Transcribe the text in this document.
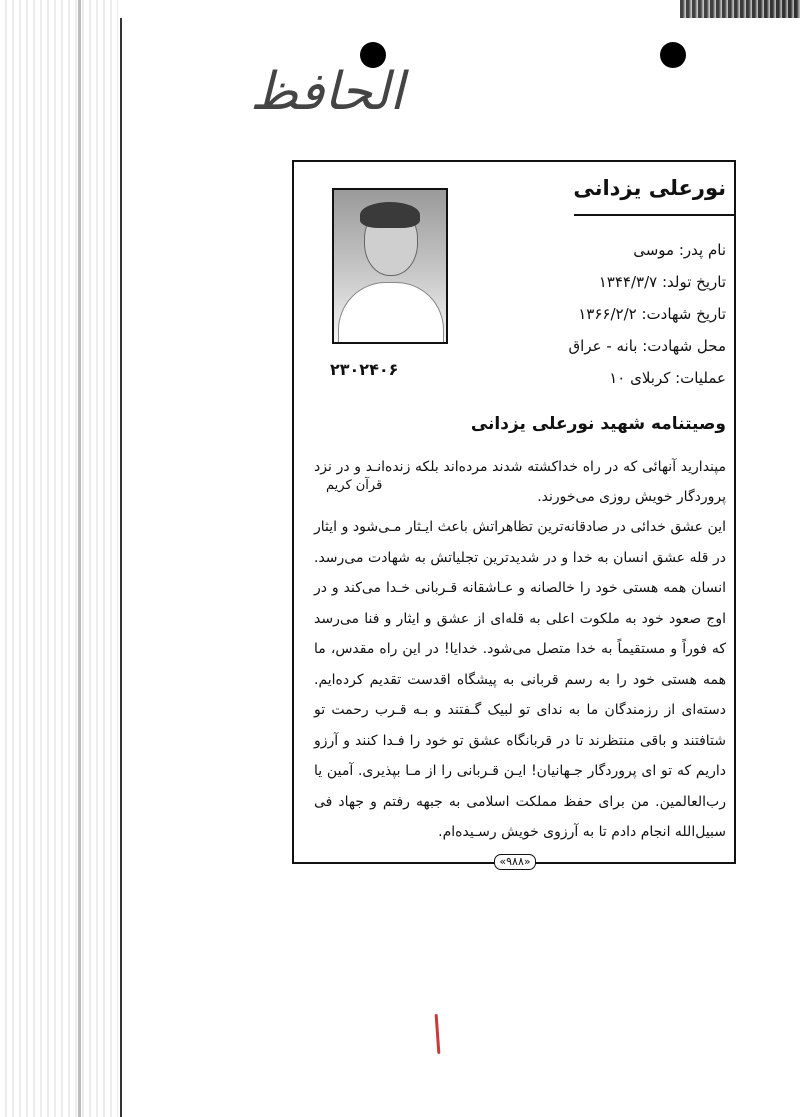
الحافظ
نورعلی یزدانی
۲۳۰۲۴۰۶
نام پدر: موسی
تاریخ تولد: ۱۳۴۴/۳/۷
تاریخ شهادت: ۱۳۶۶/۲/۲
محل شهادت: بانه - عراق
عملیات: کربلای ۱۰
وصیتنامه شهید نورعلی یزدانی
مپندارید آنهائی که در راه خداکشته شدند مرده‌اند بلکه زنده‌انـد و در نزد پروردگار خویش روزی می‌خورند.
قرآن کریم
این عشق خدائی در صادقانه‌ترین تظاهراتش باعث ایـثار مـی‌شود و ایثار در قله عشق انسان به خدا و در شدیدترین تجلیاتش به شهادت می‌رسد. انسان همه هستی خود را خالصانه و عـاشقانه قـربانی خـدا می‌کند و در اوج صعود خود به ملکوت اعلی به قله‌ای از عشق و ایثار و فنا می‌رسد که فوراً و مستقیماً به خدا متصل می‌شود. خدایا! در این راه مقدس، ما همه هستی خود را به رسم قربانی به پیشگاه اقدست تقدیم کرده‌ایم. دسته‌ای از رزمندگان ما به ندای تو لبیک گـفتند و بـه قـرب رحمت تو شتافتند و باقی منتظرند تا در قربانگاه عشق تو خود را فـدا کنند و آرزو داریم که تو ای پروردگار جـهانیان! ایـن قـربانی را از مـا بپذیری. آمین یا رب‌العالمین. من برای حفظ مملکت اسلامی به جبهه رفتم و جهاد فی سبیل‌الله انجام دادم تا به آرزوی خویش رسـیده‌ام.
«۹۸۸»
